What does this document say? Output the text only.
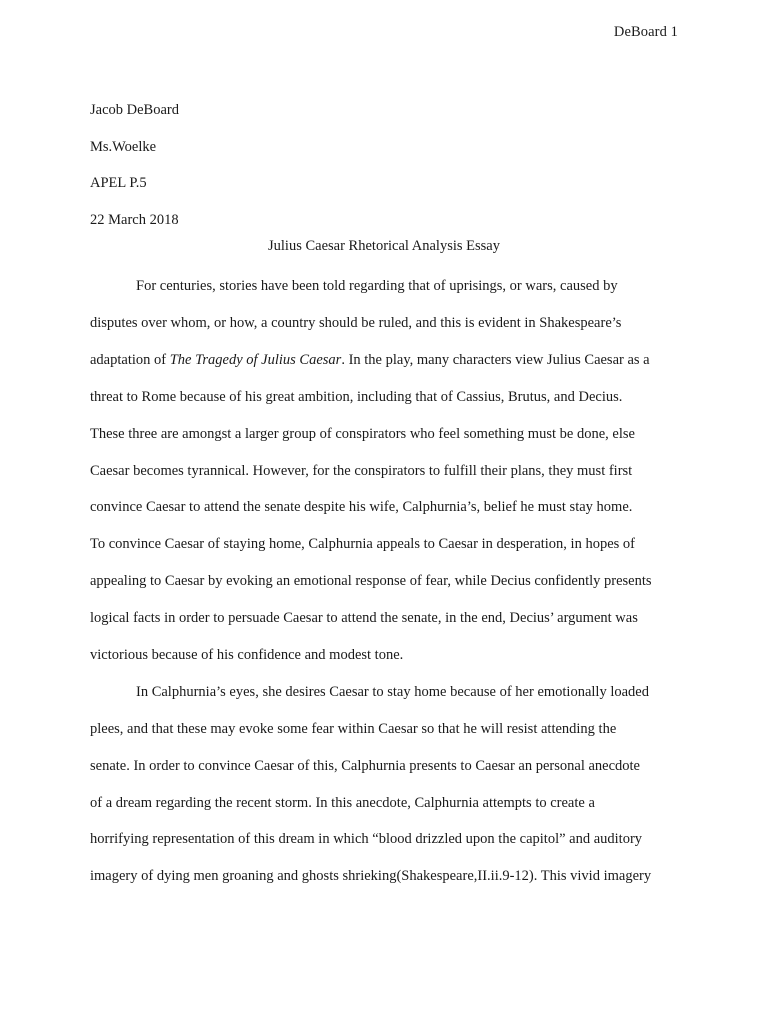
DeBoard 1
Jacob DeBoard
Ms.Woelke
APEL P.5
22 March 2018
Julius Caesar Rhetorical Analysis Essay
For centuries, stories have been told regarding that of uprisings, or wars, caused by
disputes over whom, or how, a country should be ruled, and this is evident in Shakespeare’s
adaptation of The Tragedy of Julius Caesar. In the play, many characters view Julius Caesar as a
threat to Rome because of his great ambition, including that of Cassius, Brutus, and Decius.
These three are amongst a larger group of conspirators who feel something must be done, else
Caesar becomes tyrannical. However, for the conspirators to fulfill their plans, they must first
convince Caesar to attend the senate despite his wife, Calphurnia’s, belief he must stay home.
To convince Caesar of staying home, Calphurnia appeals to Caesar in desperation, in hopes of
appealing to Caesar by evoking an emotional response of fear, while Decius confidently presents
logical facts in order to persuade Caesar to attend the senate, in the end, Decius’ argument was
victorious because of his confidence and modest tone.
In Calphurnia’s eyes, she desires Caesar to stay home because of her emotionally loaded
plees, and that these may evoke some fear within Caesar so that he will resist attending the
senate. In order to convince Caesar of this, Calphurnia presents to Caesar an personal anecdote
of a dream regarding the recent storm. In this anecdote, Calphurnia attempts to create a
horrifying representation of this dream in which “blood drizzled upon the capitol” and auditory
imagery of dying men groaning and ghosts shrieking(Shakespeare,II.ii.9-12). This vivid imagery
